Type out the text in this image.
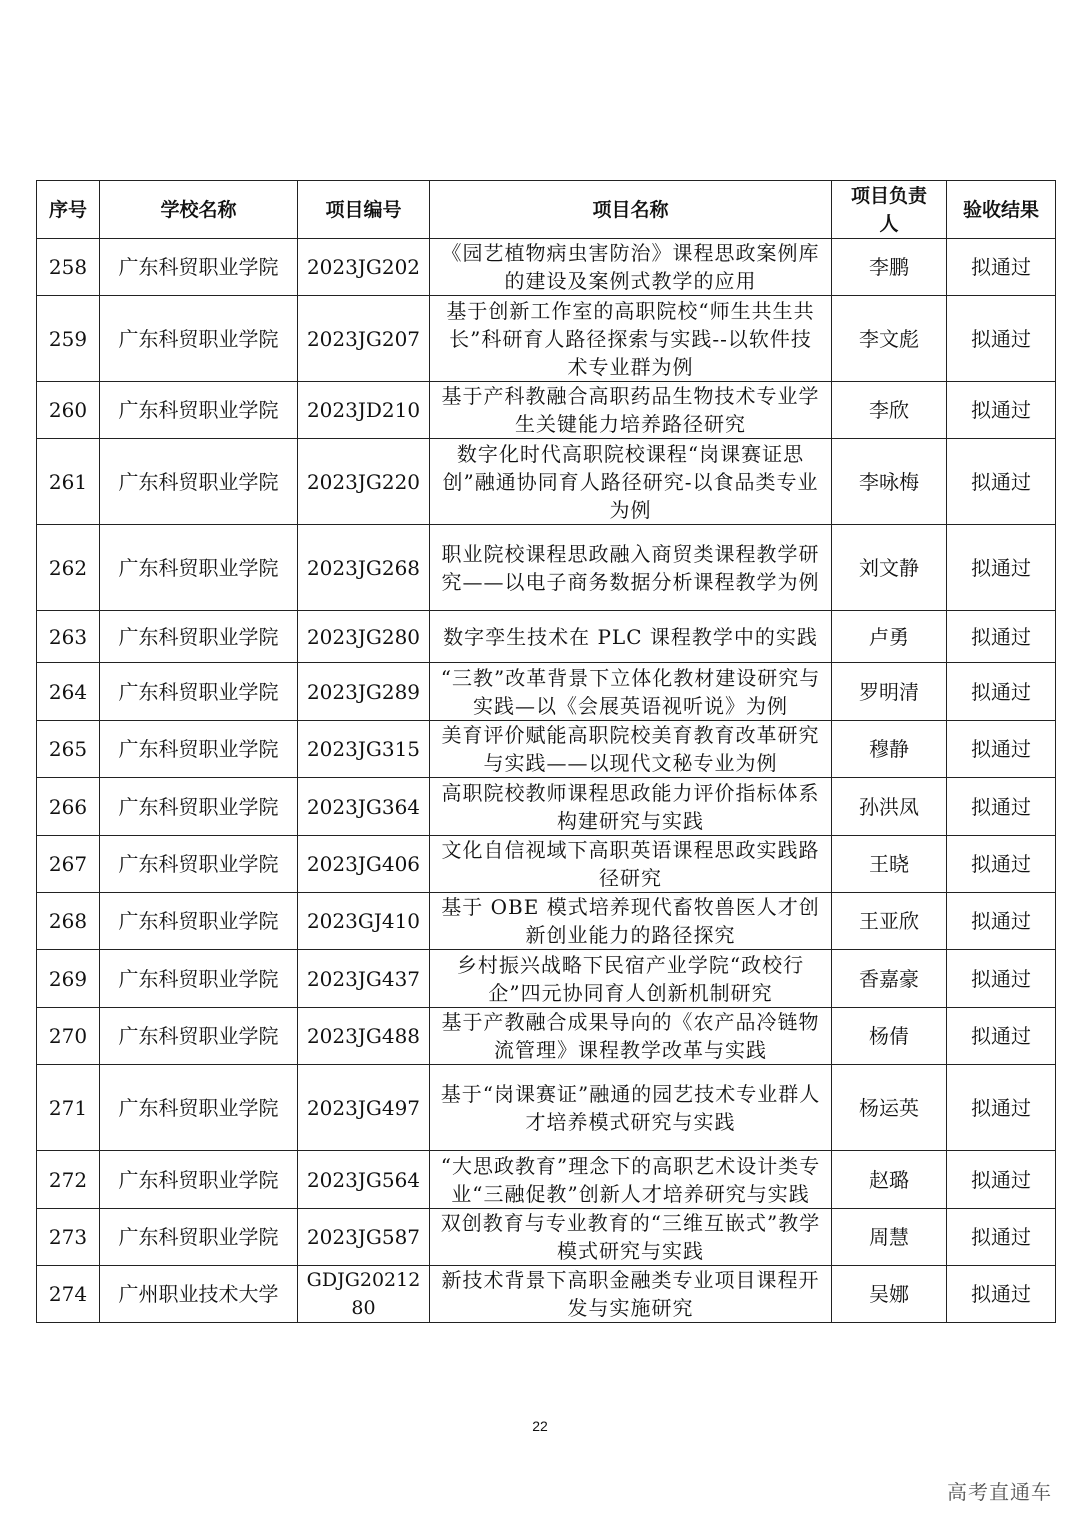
序号	学校名称	项目编号	项目名称	项目负责人	验收结果
258	广东科贸职业学院	2023JG202	《园艺植物病虫害防治》课程思政案例库的建设及案例式教学的应用	李鹏	拟通过
259	广东科贸职业学院	2023JG207	基于创新工作室的高职院校“师生共生共长”科研育人路径探索与实践--以软件技术专业群为例	李文彪	拟通过
260	广东科贸职业学院	2023JD210	基于产科教融合高职药品生物技术专业学生关键能力培养路径研究	李欣	拟通过
261	广东科贸职业学院	2023JG220	数字化时代高职院校课程“岗课赛证思创”融通协同育人路径研究-以食品类专业为例	李咏梅	拟通过
262	广东科贸职业学院	2023JG268	职业院校课程思政融入商贸类课程教学研究——以电子商务数据分析课程教学为例	刘文静	拟通过
263	广东科贸职业学院	2023JG280	数字孪生技术在 PLC 课程教学中的实践	卢勇	拟通过
264	广东科贸职业学院	2023JG289	“三教”改革背景下立体化教材建设研究与实践—以《会展英语视听说》为例	罗明清	拟通过
265	广东科贸职业学院	2023JG315	美育评价赋能高职院校美育教育改革研究与实践——以现代文秘专业为例	穆静	拟通过
266	广东科贸职业学院	2023JG364	高职院校教师课程思政能力评价指标体系构建研究与实践	孙洪凤	拟通过
267	广东科贸职业学院	2023JG406	文化自信视域下高职英语课程思政实践路径研究	王晓	拟通过
268	广东科贸职业学院	2023GJ410	基于 OBE 模式培养现代畜牧兽医人才创新创业能力的路径探究	王亚欣	拟通过
269	广东科贸职业学院	2023JG437	乡村振兴战略下民宿产业学院“政校行企”四元协同育人创新机制研究	香嘉豪	拟通过
270	广东科贸职业学院	2023JG488	基于产教融合成果导向的《农产品冷链物流管理》课程教学改革与实践	杨倩	拟通过
271	广东科贸职业学院	2023JG497	基于“岗课赛证”融通的园艺技术专业群人才培养模式研究与实践	杨运英	拟通过
272	广东科贸职业学院	2023JG564	“大思政教育”理念下的高职艺术设计类专业“三融促教”创新人才培养研究与实践	赵璐	拟通过
273	广东科贸职业学院	2023JG587	双创教育与专业教育的“三维互嵌式”教学模式研究与实践	周慧	拟通过
274	广州职业技术大学	GDJG2021280	新技术背景下高职金融类专业项目课程开发与实施研究	吴娜	拟通过
22
高考直通车
